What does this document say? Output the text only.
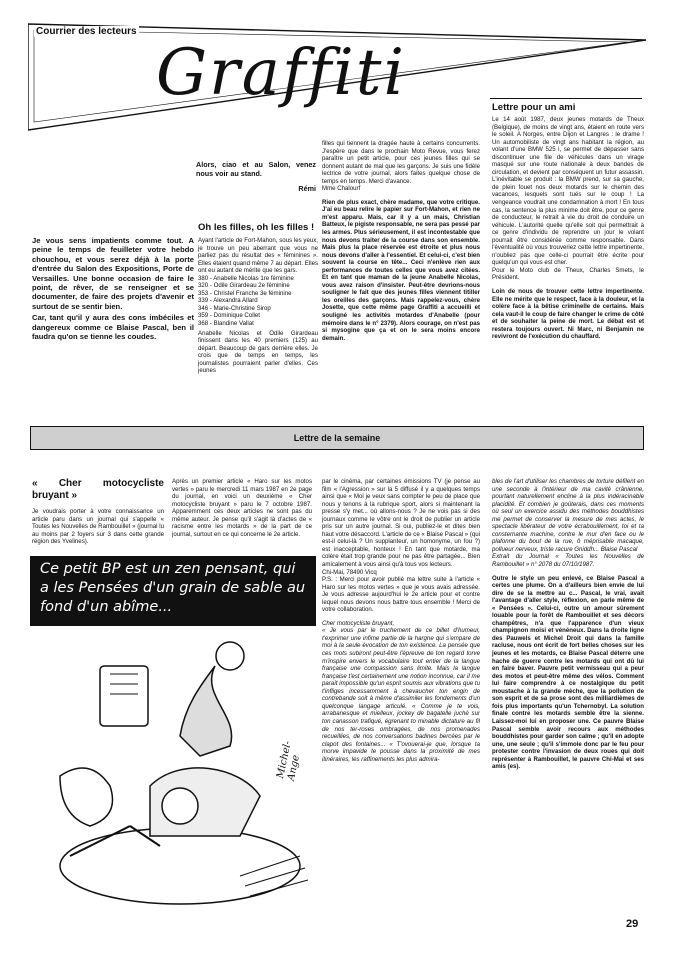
Courrier des lecteurs
Graffiti

Je vous sens impatients comme tout. A peine le temps de feuilleter votre hebdo chouchou, et vous serez déjà à la porte d'entrée du Salon des Expositions, Porte de Versailles. Une bonne occasion de faire le point, de rêver, de se renseigner et se documenter, de faire des projets d'avenir et surtout de se sentir bien.

Car, tant qu'il y aura des cons imbéciles et dangereux comme ce Blaise Pascal, ben il faudra qu'on se tienne les coudes.

Alors, ciao et au Salon, venez nous voir au stand.

Rémi

Oh les filles, oh les filles !

Ayant l'article de Fort-Mahon, sous les yeux, je trouve un peu aberrant que vous ne parliez pas du résultat des « féminines ». Elles étaient quand même 7 au départ. Elles ont eu autant de mérite que les gars.

380 - Anabelle Nicolas 1re féminine

320 - Odile Girardeau 2e féminine

353 - Christel Franche 3e féminine

339 - Alexandra Allard

346 - Marie-Christine Sirop

359 - Dominique Collet

368 - Blandine Vallat

Anabelle Nicolas et Odile Girardeau finissent dans les 40 premiers (125) au départ. Beaucoup de gars derrière elles. Je crois que de temps en temps, les journalistes pourraient parler d'elles. Ces jeunes

filles qui tiennent la dragée haute à certains concurrents. J'espère que dans le prochain Moto Revue, vous ferez paraître un petit article, pour ces jeunes filles qui se donnent autant de mal que les garçons. Je suis une fidèle lectrice de votre journal, alors faites quelque chose de temps en temps. Merci d'avance.

Mme Chalourf

Rien de plus exact, chère madame, que votre critique. J'ai eu beau relire le papier sur Fort-Mahon, et rien ne m'est apparu. Mais, car il y a un mais, Christian Batteux, le pigiste responsable, ne sera pas pessé par les armes. Plus sérieusement, il est incontestable que nous devons traiter de la course dans son ensemble. Mais plus la place réservée est étroite et plus nous nous devons d'aller à l'essentiel. Et celui-ci, c'est bien souvent la course en tête... Ceci n'enlève rien aux performances de toutes celles que vous avez citées. Et en tant que maman de la jeune Anabelle Nicolas, vous avez raison d'insister. Peut-être devrions-nous souligner le fait que des jeunes filles viennent titiller les oreilles des garçons. Mais rappelez-vous, chère Josette, que cette même page Graffiti a accueilli et souligné les activités motardes d'Anabelle (pour mémoire dans le n° 2379). Alors courage, on n'est pas si mysogine que ça et on le sera moins encore demain.

Lettre pour un ami

Le 14 août 1987, deux jeunes motards de Theux (Belgique), de moins de vingt ans, étaient en route vers le soleil. A Norges, entre Dijon et Langres : le drame ! Un automobiliste de vingt ans habitant la région, au volant d'une BMW 525 i, se permet de dépasser sans discontinuer une file de véhicules dans un virage masqué sur une route nationale à deux bandes de circulation, et devient par conséquent un futur assassin. L'inévitable se produit : la BMW prend, sur sa gauche, de plein fouet nos deux motards sur le chemin des vacances, lesquels sont tués sur le coup ! La vengeance voudrait une condamnation à mort ! En tous cas, la sentence la plus minime doit être, pour ce genre de conducteur, le retrait à vie du droit de conduire un véhicule. L'autorité quelle qu'elle soit qui permettrait à ce genre d'individu de reprendre un jour le volant pourrait être considérée comme responsable. Dans l'éventualité où vous trouveriez cette lettre impertinente, n'oubliez pas que celle-ci pourrait être écrite pour quelqu'un qui vous est cher.

Pour le Moto club de Theux, Charles Smets, le Président.

Loin de nous de trouver cette lettre impertinente. Elle ne mérite que le respect, face à la douleur, et la colère face à la bêtise criminelle de certains. Mais cela vaut-il le coup de faire changer le crime de côté et de souhaiter la peine de mort. Le débat est et restera toujours ouvert. Ni Marc, ni Benjamin ne revivront de l'exécution du chauffard.

Lettre de la semaine

« Cher motocycliste bruyant »

Je voudrais porter à votre connaissance un article paru dans un journal qui s'appelle « Toutes les Nouvelles de Rambouillet » (journal lu au moins par 2 foyers sur 3 dans cette grande région des Yvelines).

Après un premier article « Haro sur les motos vertes » paru le mercredi 11 mars 1987 en 2e page du journal, en voici un deuxième « Cher motocycliste bruyant » paru le 7 octobre 1987. Apparemment ces deux articles ne sont pas du même auteur. Je pense qu'il s'agit là d'actes de « racisme entre les motards » de la part de ce journal, surtout en ce qui concerne le 2e article.

Ce petit BP est un zen pensant, qui a les Pensées d'un grain de sable au fond d'un abîme...
Michel-Ange

par le cinéma, par certaines émissions TV (je pense au film « l'Agression » sur la 5 diffusé il y a quelques temps ainsi que « Moi je veux sans compter le peu de place que nous y tenons à la rubrique sport, alors si maintenant la presse s'y met... où allons-nous ? Je ne vois pas si des journaux comme le vôtre ont le droit de publier un article pris sur un autre journal. Si oui, publiez-le et dites bien haut votre désaccord. L'article de ce « Blaise Pascal » (qui est-il celui-là ? Un supplanteur, un homonyme, un fou ?) est inacceptable, honteux ! En tant que motarde, ma colère était trop grande pour ne pas être partagée... Bien amicalement à vous ainsi qu'à tous vos lecteurs.

Chi-Mai, 78490 Vicq

P.S. : Merci pour avoir publié ma lettre suite à l'article « Haro sur les motos vertes » que je vous avais adressée. Je vous adresse aujourd'hui le 2e article pour et contre lequel nous devons nous battre tous ensemble ! Merci de votre collaboration.

Cher motocycliste bruyant,

« Je vous par le truchement de ce billet d'humeur, t'exprimer une infime partie de la hargne qui s'empare de moi à la seule évocation de ton existence. La pensée que ces mots subiront peut-être l'épreuve de ton regard torve m'inspire envers le vocabulaire tout entier de la langue française une compassion sans limite. Mais la langue française t'est certainement une notion inconnue, car il me paraît impossible qu'un esprit soumis aux vibrations que tu t'infliges incessamment à chevaucher ton engin de contrebande soit à même d'assimiler les fondements d'un quelconque langage articulé. « Comme je te vois, arrabanesque et mielleux, jockey de bagatelle juché sur ton canasson trafiqué, égrenant to minable dictature au fil de nos ter-roses ombragées, de nos promenades recueillies, de nos conversations badines bercées par le clapot des fontaines... « T'ovouerai-je que, lorsque ta morve impavide te pousse dans la proximité de mes itinéraires, les raffinements les plus admira-

bles de l'art d'utiliser les chambres de torture défilent en une seconde à l'intérieur de ma cavité crânienne, pourtant naturellement encline à la plus indéracinable placidité. Et combien je goûterais, dans ces moments où seul un exercice assidu des méthodes bouddhistes me permet de conserver la mesure de mes actes, le spectacle libérateur de votre écrabouillement, toi et ta consternante machine, contre le mur d'en face ou le plafonne du bout de la rue, ô méprisable macaque, pollueur nerveux, triste racure Gniddh... Blaise Pascal

Extrait du Journal « Toutes les Nouvelles de Rambouillet » n° 2078 du 07/10/1987.

Outre le style un peu enlevé, ce Blaise Pascal a certes une plume. On a d'ailleurs bien envie de lui dire de se la mettre au c... Pascal, le vrai, avait l'avantage d'aller style, réflexion, en parle même de « Pensées ». Celui-ci, outre un amour sûrement louable pour la forêt de Rambouillet et ses décors champêtres, n'a que l'apparence d'un vieux champignon moisi et vénéneux. Dans la droite ligne des Pauwels et Michel Droit qui dans la famille racluse, nous ont écrit de fort belles choses sur les jeunes et les motards, ce Blaise Pascal déterre une hache de guerre contre les motards qui ont dû lui en faire baver. Pauvre petit vermisseau qui a peur des motos et peut-être même des vélos. Comment lui faire comprendre à ce nostalgique du petit moustache à la grande mèche, que la pollution de son esprit et de sa prose sont des milliardièmes de fois plus importants qu'un Tchernobyl. La solution finale contre les motards semble être la sienne. Laissez-moi lui en proposer une. Ce pauvre Blaise Pascal semble avoir recours aux méthodes bouddhistes pour garder son calme ; qu'il en adopte une, une seule ; qu'il s'immole donc par le feu pour protester contre l'invasion de deux roues qui doit représenter à Rambouillet, le pauvre Chi-Mai et ses amis (es).

29
